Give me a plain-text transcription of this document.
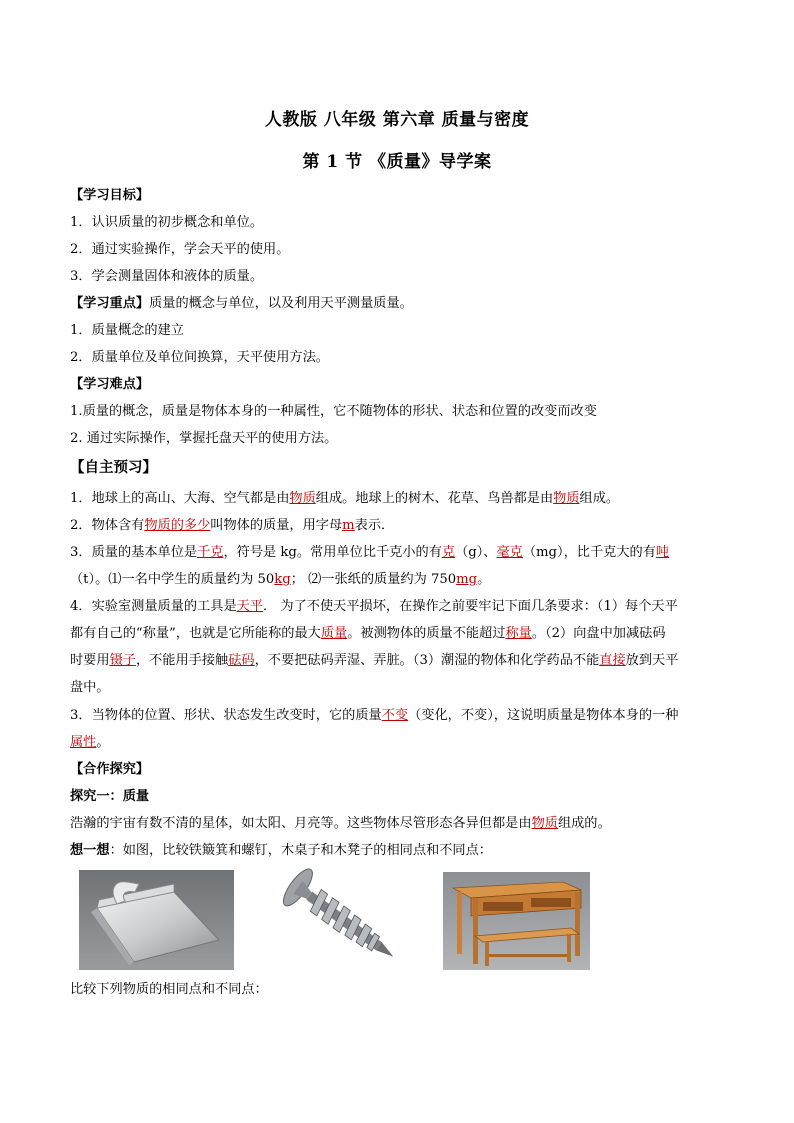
人教版 八年级 第六章 质量与密度
第 1 节 《质量》导学案
【学习目标】
1．认识质量的初步概念和单位。
2．通过实验操作，学会天平的使用。
3．学会测量固体和液体的质量。
【学习重点】质量的概念与单位，以及利用天平测量质量。
1．质量概念的建立
2．质量单位及单位间换算，天平使用方法。
【学习难点】
1.质量的概念，质量是物体本身的一种属性，它不随物体的形状、状态和位置的改变而改变
2. 通过实际操作，掌握托盘天平的使用方法。
【自主预习】
1．地球上的高山、大海、空气都是由物质组成。地球上的树木、花草、鸟兽都是由物质组成。
2．物体含有物质的多少叫物体的质量，用字母m表示．
3．质量的基本单位是千克，符号是 kg。常用单位比千克小的有克（g）、毫克（mg），比千克大的有吨
（t）。⑴一名中学生的质量约为 50kg； ⑵一张纸的质量约为 750mg。
4．实验室测量质量的工具是天平． 为了不使天平损坏，在操作之前要牢记下面几条要求：（1）每个天平
都有自己的“称量”，也就是它所能称的最大质量。被测物体的质量不能超过称量。（2）向盘中加减砝码
时要用镊子，不能用手接触砝码，不要把砝码弄湿、弄脏。（3）潮湿的物体和化学药品不能直接放到天平
盘中。
3．当物体的位置、形状、状态发生改变时，它的质量不变（变化，不变），这说明质量是物体本身的一种
属性。
【合作探究】
探究一：质量
浩瀚的宇宙有数不清的星体，如太阳、月亮等。这些物体尽管形态各异但都是由物质组成的。
想一想：如图，比较铁簸箕和螺钉，木桌子和木凳子的相同点和不同点：
比较下列物质的相同点和不同点：
